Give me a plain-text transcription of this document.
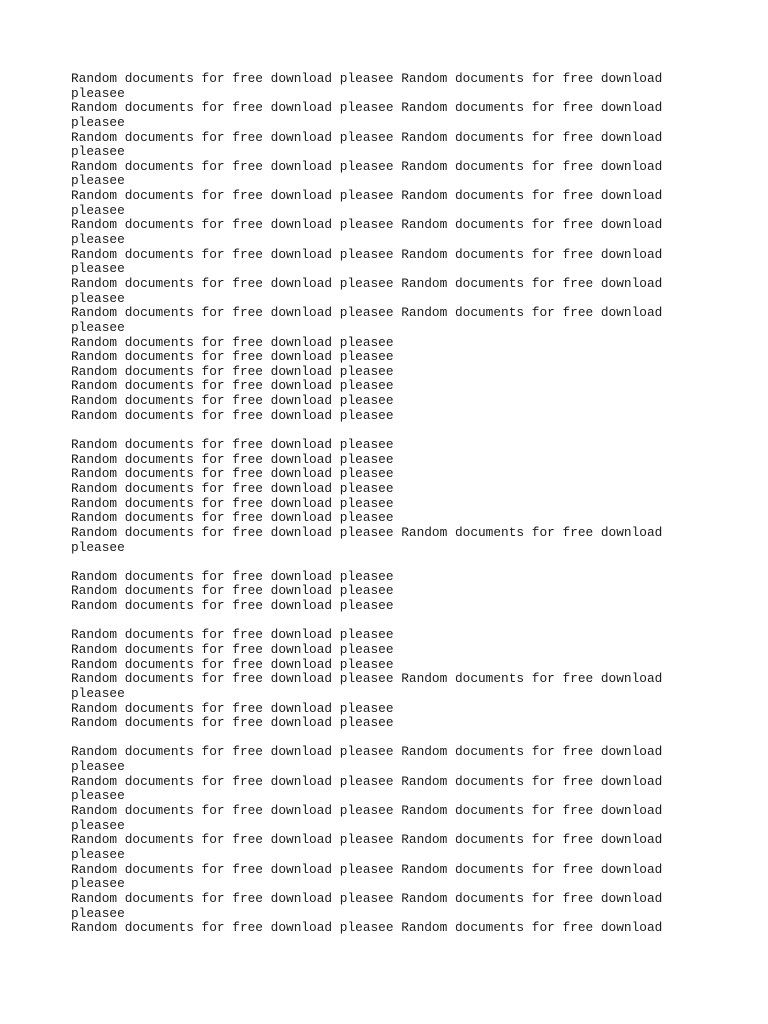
Random documents for free download pleasee Random documents for free download
pleasee
Random documents for free download pleasee Random documents for free download
pleasee
Random documents for free download pleasee Random documents for free download
pleasee
Random documents for free download pleasee Random documents for free download
pleasee
Random documents for free download pleasee Random documents for free download
pleasee
Random documents for free download pleasee Random documents for free download
pleasee
Random documents for free download pleasee Random documents for free download
pleasee
Random documents for free download pleasee Random documents for free download
pleasee
Random documents for free download pleasee Random documents for free download
pleasee
Random documents for free download pleasee
Random documents for free download pleasee
Random documents for free download pleasee
Random documents for free download pleasee
Random documents for free download pleasee
Random documents for free download pleasee

Random documents for free download pleasee
Random documents for free download pleasee
Random documents for free download pleasee
Random documents for free download pleasee
Random documents for free download pleasee
Random documents for free download pleasee
Random documents for free download pleasee Random documents for free download
pleasee

Random documents for free download pleasee
Random documents for free download pleasee
Random documents for free download pleasee

Random documents for free download pleasee
Random documents for free download pleasee
Random documents for free download pleasee
Random documents for free download pleasee Random documents for free download
pleasee
Random documents for free download pleasee
Random documents for free download pleasee

Random documents for free download pleasee Random documents for free download
pleasee
Random documents for free download pleasee Random documents for free download
pleasee
Random documents for free download pleasee Random documents for free download
pleasee
Random documents for free download pleasee Random documents for free download
pleasee
Random documents for free download pleasee Random documents for free download
pleasee
Random documents for free download pleasee Random documents for free download
pleasee
Random documents for free download pleasee Random documents for free download
